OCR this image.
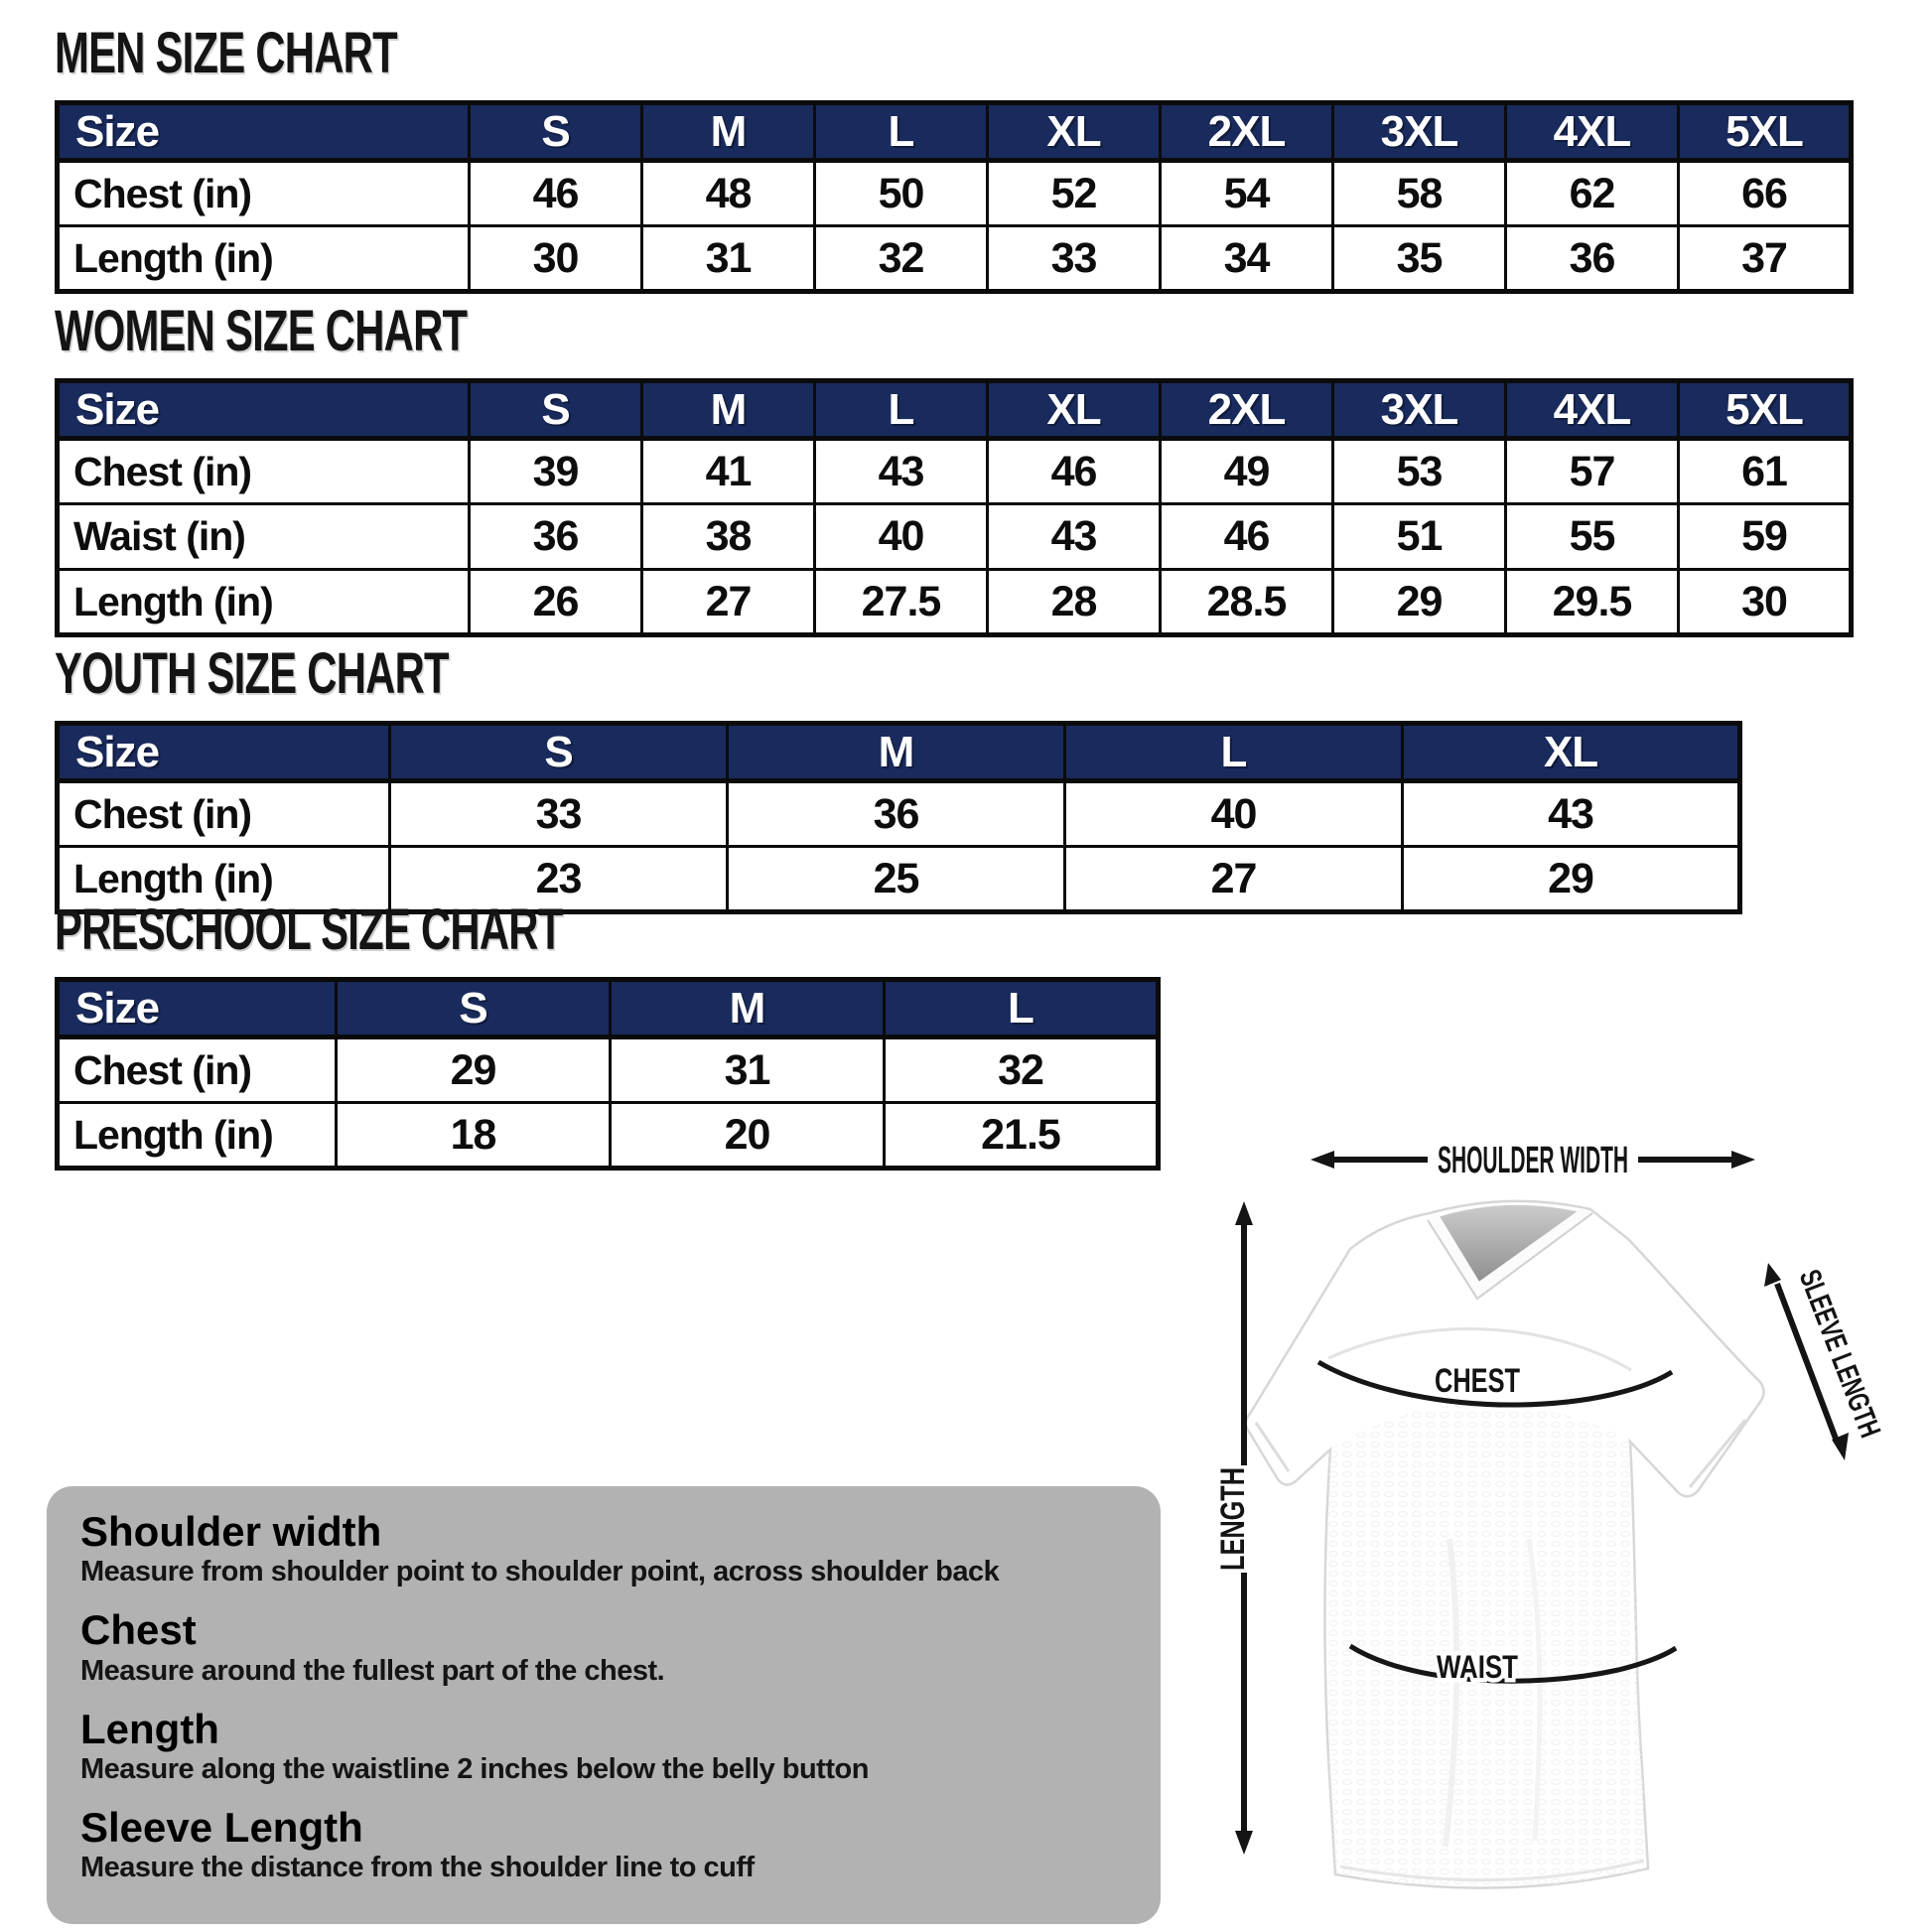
MEN SIZE CHART
Size	S	M	L	XL	2XL	3XL	4XL	5XL
Chest (in)	46	48	50	52	54	58	62	66
Length (in)	30	31	32	33	34	35	36	37
WOMEN SIZE CHART
Size	S	M	L	XL	2XL	3XL	4XL	5XL
Chest (in)	39	41	43	46	49	53	57	61
Waist (in)	36	38	40	43	46	51	55	59
Length (in)	26	27	27.5	28	28.5	29	29.5	30
YOUTH SIZE CHART
Size	S	M	L	XL
Chest (in)	33	36	40	43
Length (in)	23	25	27	29
PRESCHOOL SIZE CHART
Size	S	M	L
Chest (in)	29	31	32
Length (in)	18	20	21.5
Shoulder width
Measure from shoulder point to shoulder point, across shoulder back
Chest
Measure around the fullest part of the chest.
Length
Measure along the waistline 2 inches below the belly button
Sleeve Length
Measure the distance from the shoulder line to cuff
CHEST
WAIST
SHOULDER WIDTH
LENGTH	SLEEVE LENGTH
